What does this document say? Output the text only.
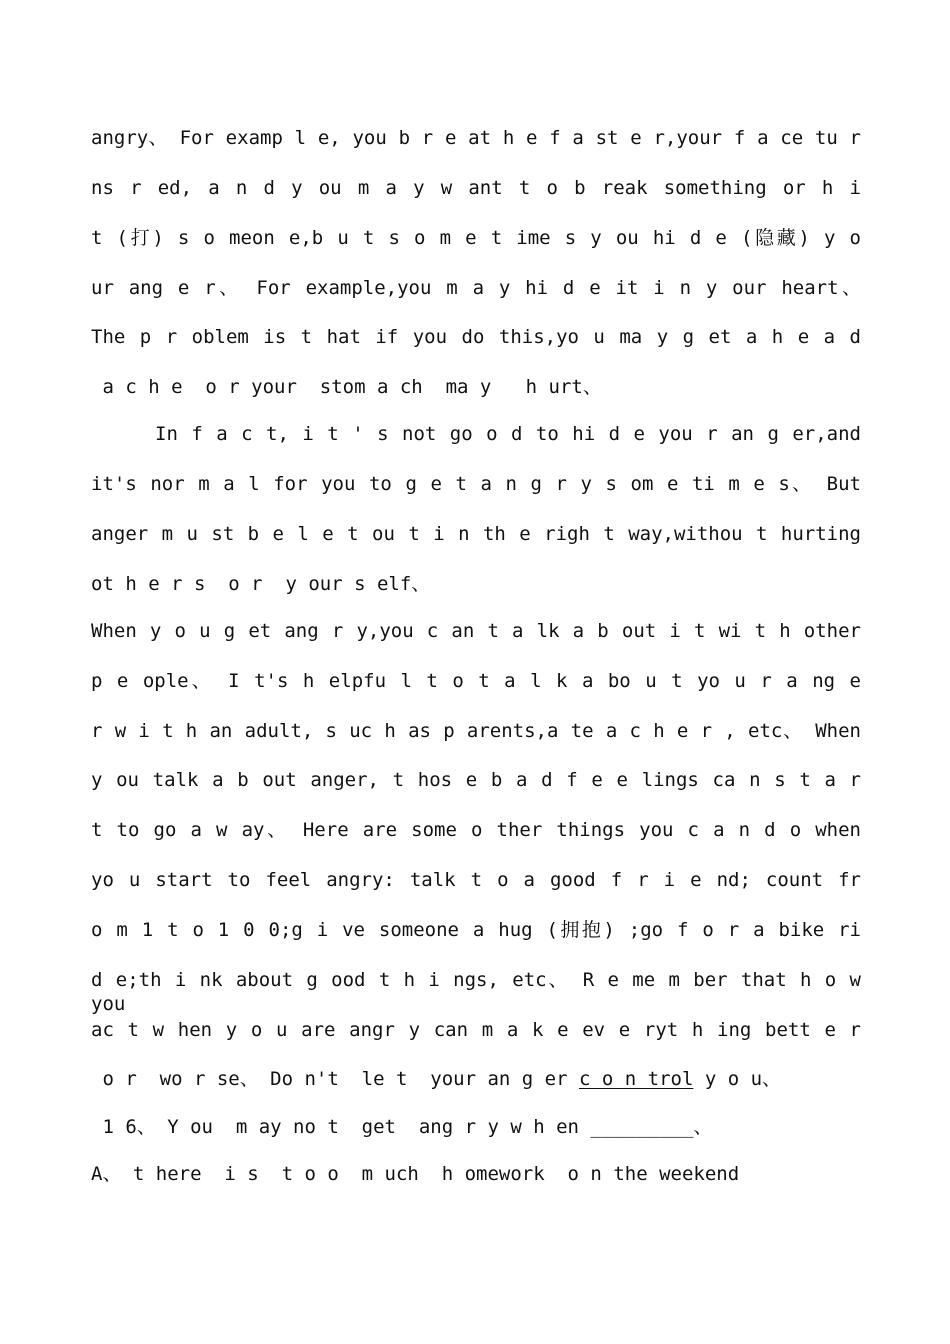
angry、 For examp l e, you b r e at h e f a st e r,your f a ce tu r
ns r ed, a n d y ou m a y w ant t o b reak something or h i
t (打) s o meon e,b u t s o m e t ime s y ou hi d e (隐藏) y o
ur ang e r、 For example,you m a y hi d e it i n y our heart、
The p r oblem is t hat if you do this,yo u ma y g et a h e a d
a c h e  o r your  stom a ch  ma y   h urt、
In f a c t, i t ' s not go o d to hi d e you r an g er,and
it's nor m a l for you to g e t a n g r y s om e ti m e s、 But
anger m u st b e l e t ou t i n th e righ t way,withou t hurting
ot h e r s  o r  y our s elf、
When y o u g et ang r y,you c an t a lk a b out i t wi t h other
p e ople、 I t's h elpfu l t o t a l k a bo u t yo u r a ng e
r w i t h an adult, s uc h as p arents,a te a c h e r , etc、 When
y ou talk a b out anger, t hos e b a d f e e lings ca n s t a r
t to go a w ay、 Here are some o ther things you c a n d o when
yo u start to feel angry: talk t o a good f r i e nd; count fr
o m 1 t o 1 0 0;g i ve someone a hug (拥抱) ;go f o r a bike ri
d e;th i nk about g ood t h i ngs, etc、 R e me m ber that h o w you
ac t w hen y o u are angr y can m a k e ev e ryt h ing bett e r
o r  wo r se、 Do n't  le t  your an g er c o n trol y o u、
1 6、 Y ou  m ay no t  get  ang r y w h en _________、
A、 t here  i s  t o o  m uch  h omework  o n the weekend
